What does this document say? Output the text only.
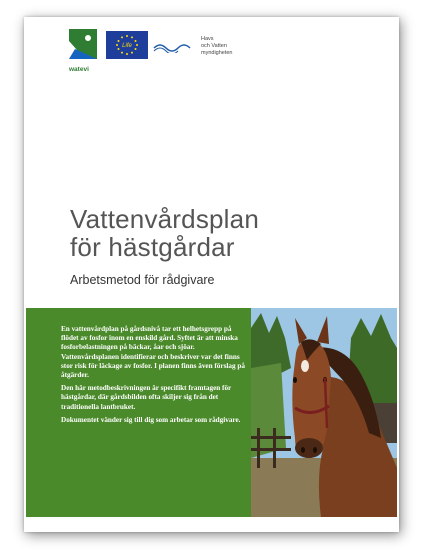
watevi
Life
Havs
och Vatten
myndigheten
Vattenvårdsplan
för hästgårdar
Arbetsmetod för rådgivare

En vattenvårdplan på gårdsnivå tar ett helhetsgrepp på flödet av fosfor inom en enskild gård. Syftet är att minska fosforbelastningen på bäckar, åar och sjöar. Vattenvårdsplanen identifierar och beskriver var det finns stor risk för läckage av fosfor. I planen finns även förslag på åtgärder.

Den här metodbeskrivningen är specifikt framtagen för hästgårdar, där gårdsbilden ofta skiljer sig från det traditionella lantbruket.

Dokumentet vänder sig till dig som arbetar som rådgivare.
